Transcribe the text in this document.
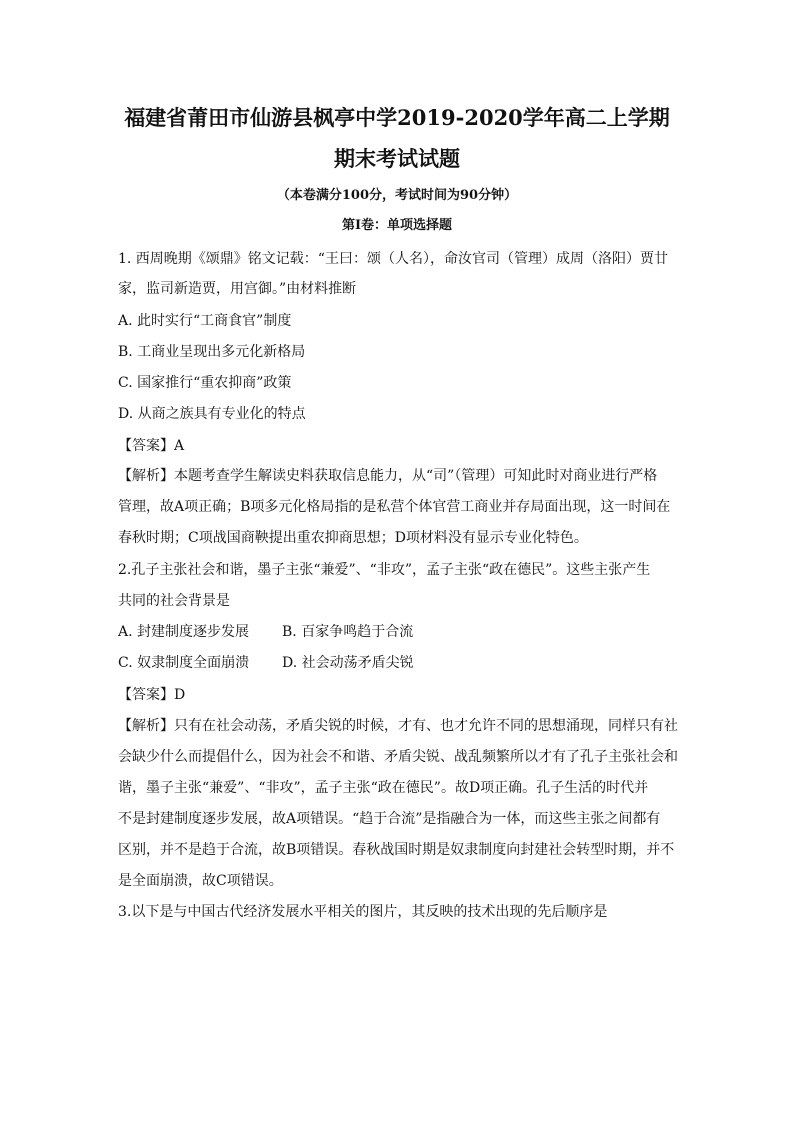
福建省莆田市仙游县枫亭中学2019-2020学年高二上学期
期末考试试题
（本卷满分100分，考试时间为90分钟）
第Ⅰ卷：单项选择题
1. 西周晚期《颂鼎》铭文记载：“王曰：颂（人名），命汝官司（管理）成周（洛阳）贾廿
家，监司新造贾，用宫御。”由材料推断
A. 此时实行“工商食官”制度
B. 工商业呈现出多元化新格局
C. 国家推行“重农抑商”政策
D. 从商之族具有专业化的特点
【答案】A
【解析】本题考查学生解读史料获取信息能力，从“司”（管理）可知此时对商业进行严格
管理，故A项正确；B项多元化格局指的是私营个体官营工商业并存局面出现，这一时间在
春秋时期；C项战国商鞅提出重农抑商思想；D项材料没有显示专业化特色。
2.孔子主张社会和谐，墨子主张“兼爱”、“非攻”，孟子主张“政在德民”。这些主张产生
共同的社会背景是
A. 封建制度逐步发展 B. 百家争鸣趋于合流
C. 奴隶制度全面崩溃 D. 社会动荡矛盾尖锐
【答案】D
【解析】只有在社会动荡，矛盾尖锐的时候，才有、也才允许不同的思想涌现，同样只有社
会缺少什么而提倡什么，因为社会不和谐、矛盾尖锐、战乱频繁所以才有了孔子主张社会和
谐，墨子主张“兼爱”、“非攻”，孟子主张“政在德民”。故D项正确。孔子生活的时代并
不是封建制度逐步发展，故A项错误。“趋于合流”是指融合为一体，而这些主张之间都有
区别，并不是趋于合流，故B项错误。春秋战国时期是奴隶制度向封建社会转型时期，并不
是全面崩溃，故C项错误。
3.以下是与中国古代经济发展水平相关的图片，其反映的技术出现的先后顺序是
